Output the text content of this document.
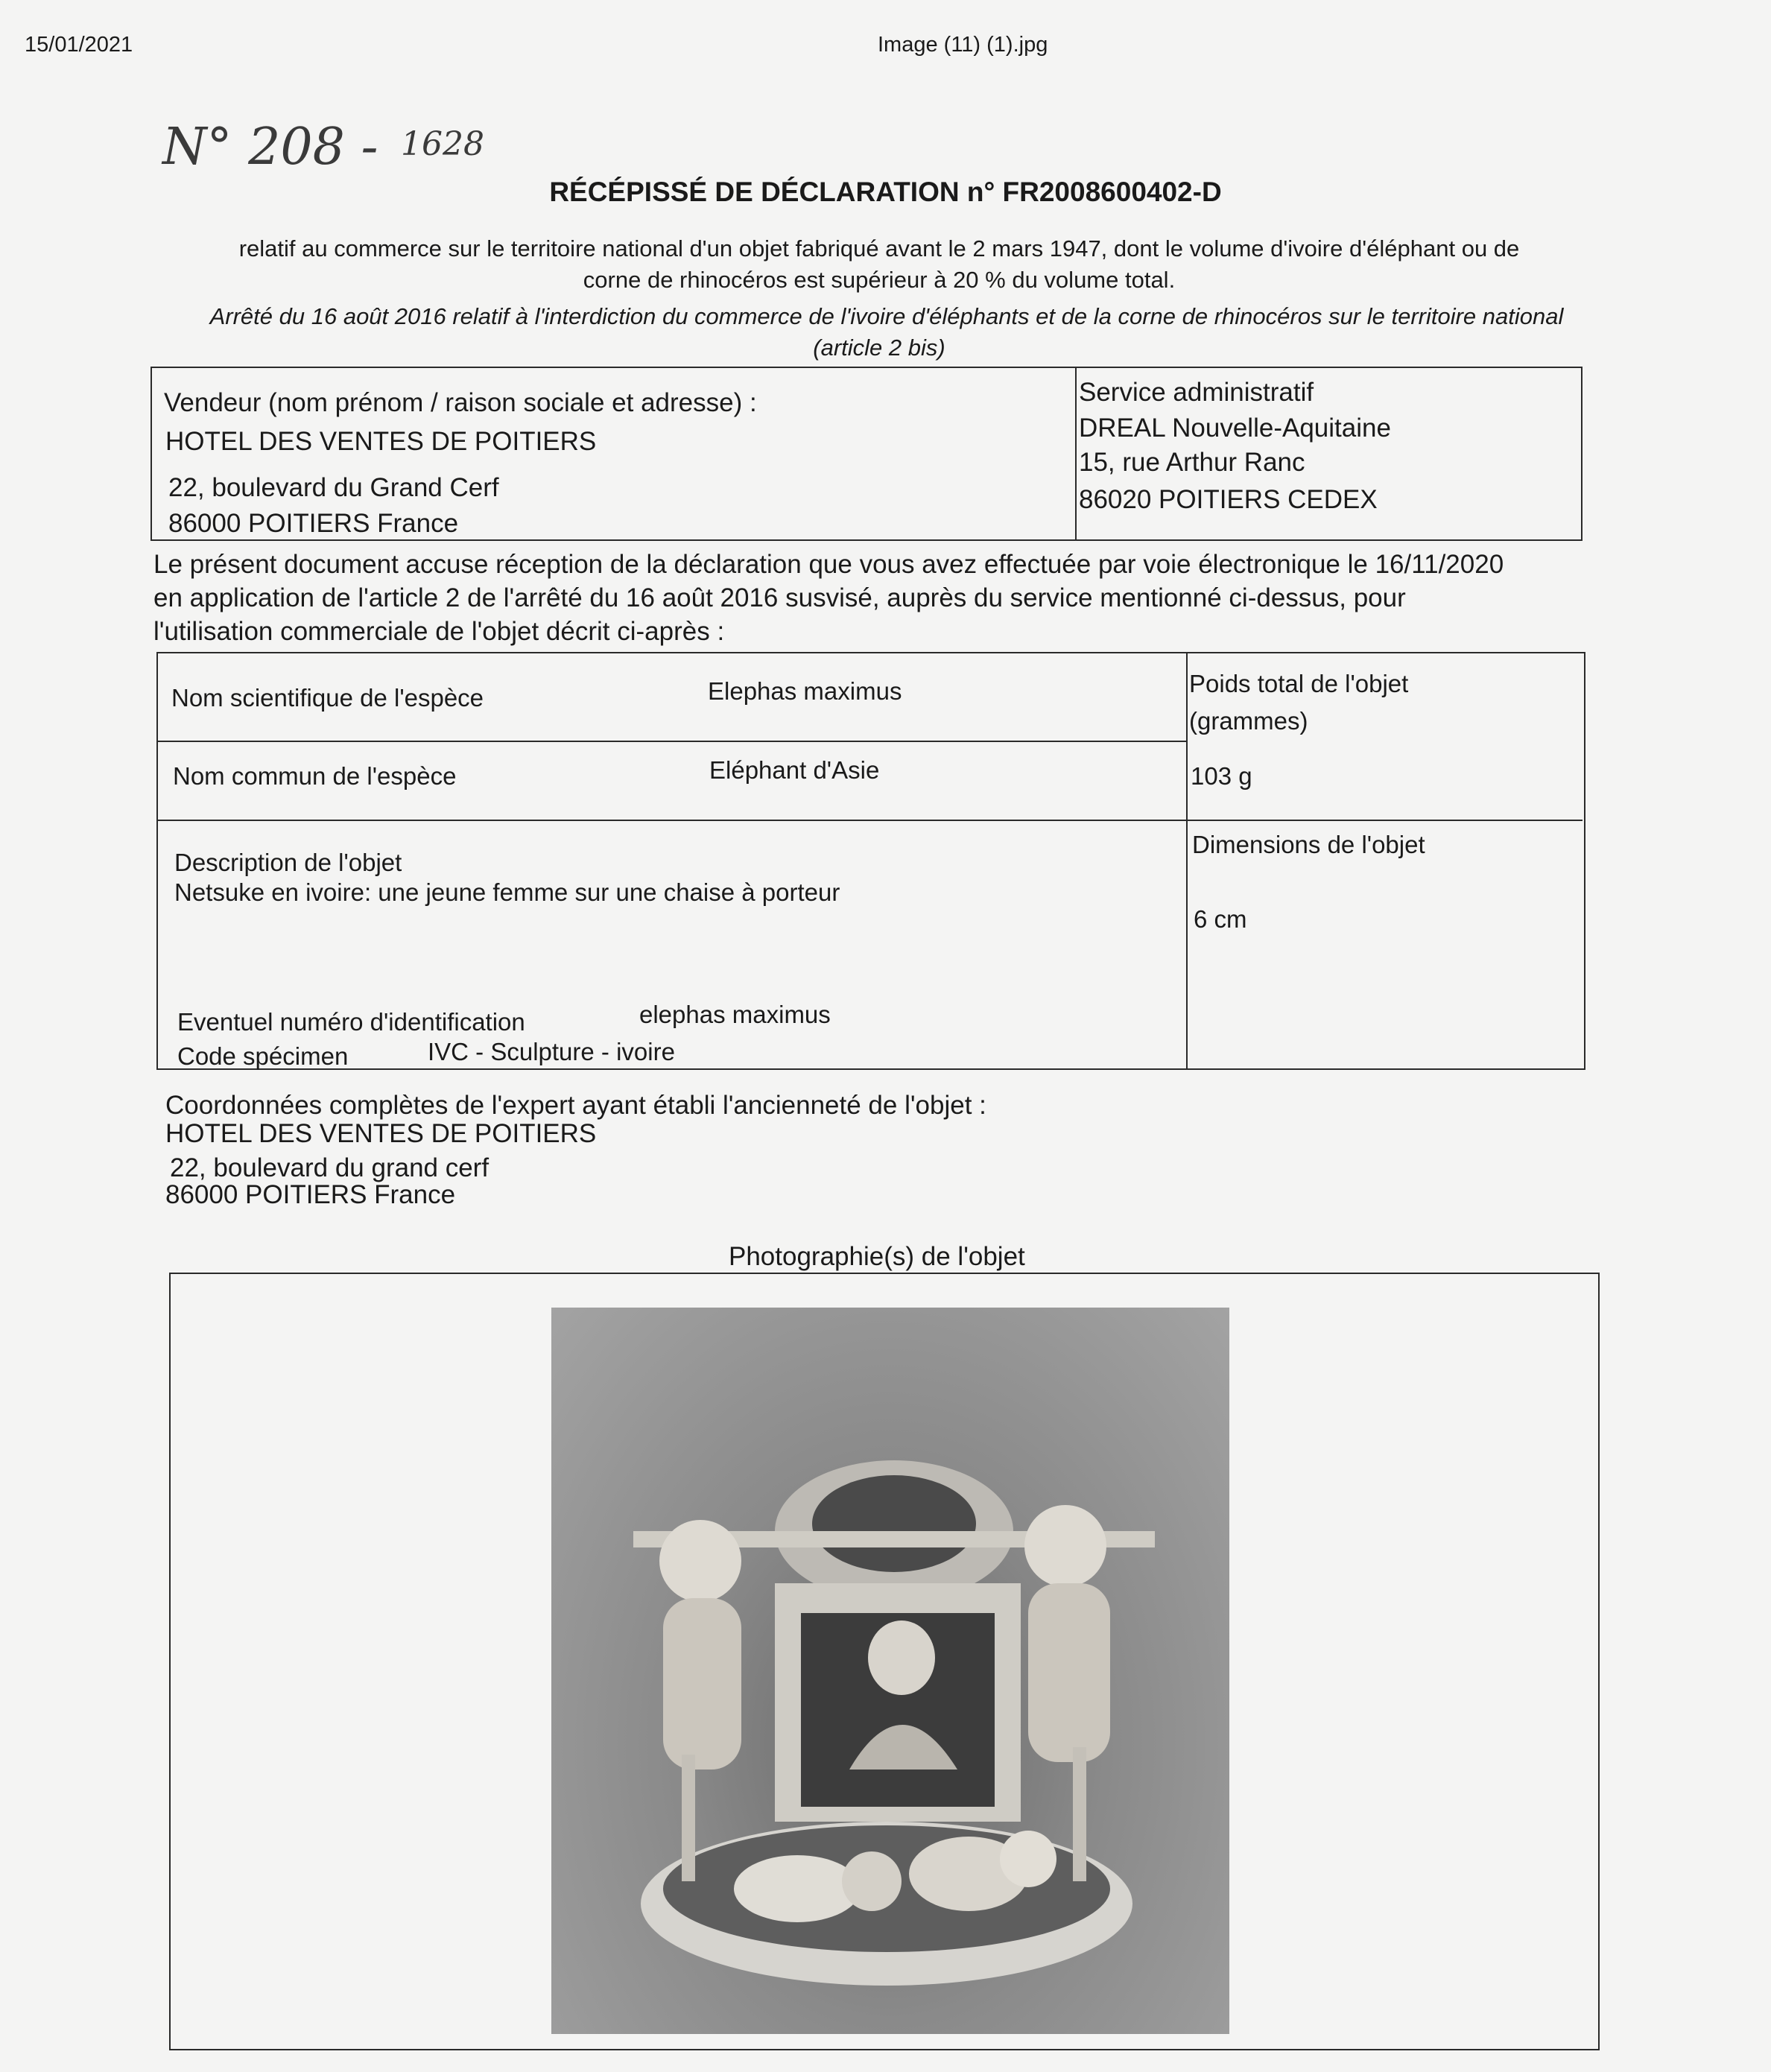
15/01/2021	Image (11) (1).jpg
N° 208 - 1628
RÉCÉPISSÉ DE DÉCLARATION n° FR2008600402-D
relatif au commerce sur le territoire national d'un objet fabriqué avant le 2 mars 1947, dont le volume d'ivoire d'éléphant ou de
corne de rhinocéros est supérieur à 20 % du volume total.
Arrêté du 16 août 2016 relatif à l'interdiction du commerce de l'ivoire d'éléphants et de la corne de rhinocéros sur le territoire national
(article 2 bis)
Vendeur (nom prénom / raison sociale et adresse) :
HOTEL DES VENTES DE POITIERS
22, boulevard du Grand Cerf
86000 POITIERS France
Service administratif
DREAL Nouvelle-Aquitaine
15, rue Arthur Ranc
86020 POITIERS CEDEX
Le présent document accuse réception de la déclaration que vous avez effectuée par voie électronique le 16/11/2020
en application de l'article 2 de l'arrêté du 16 août 2016 susvisé, auprès du service mentionné ci-dessus, pour
l'utilisation commerciale de l'objet décrit ci-après :
Nom scientifique de l'espèce	Elephas maximus
Nom commun de l'espèce	Eléphant d'Asie
Poids total de l'objet
(grammes)
103 g
Description de l'objet
Netsuke en ivoire: une jeune femme sur une chaise à porteur
Dimensions de l'objet
6 cm
Eventuel numéro d'identification	elephas maximus
Code spécimen	IVC - Sculpture - ivoire
Coordonnées complètes de l'expert ayant établi l'ancienneté de l'objet :
HOTEL DES VENTES DE POITIERS
22, boulevard du grand cerf
86000 POITIERS France
Photographie(s) de l'objet
